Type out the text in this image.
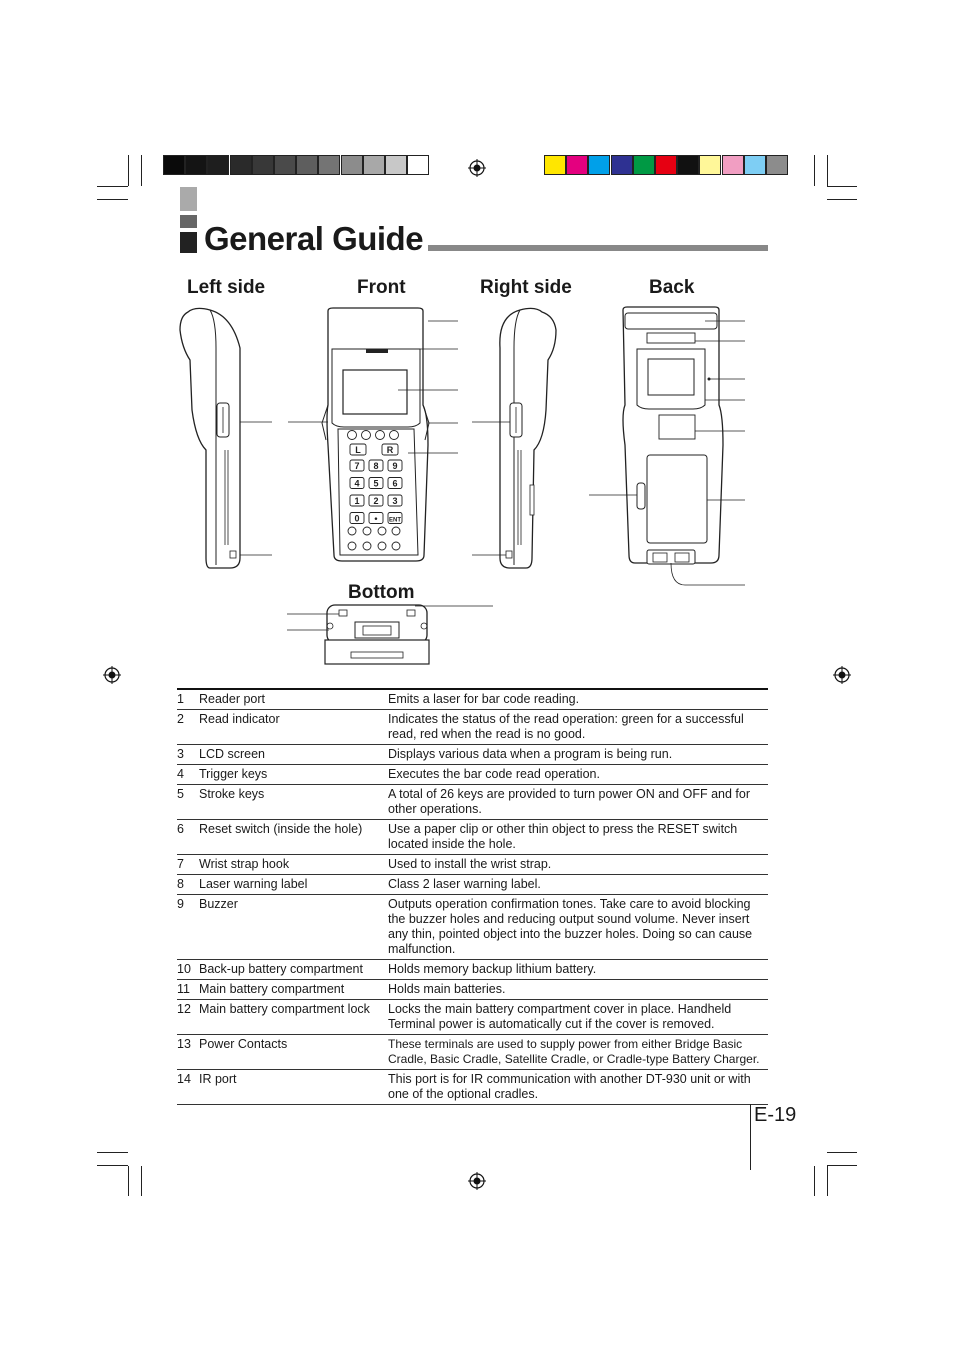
General Guide
Left side	Front	Right side	Back
Bottom
L	R
7 8 9
4 5 6
1 2 3
0 • ENT
1	Reader port	Emits a laser for bar code reading.
2	Read indicator	Indicates the status of the read operation: green for a successful read, red when the read is no good.
3	LCD screen	Displays various data when a program is being run.
4	Trigger keys	Executes the bar code read operation.
5	Stroke keys	A total of 26 keys are provided to turn power ON and OFF and for other operations.
6	Reset switch (inside the hole)	Use a paper clip or other thin object to press the RESET switch located inside the hole.
7	Wrist strap hook	Used to install the wrist strap.
8	Laser warning label	Class 2 laser warning label.
9	Buzzer	Outputs operation confirmation tones. Take care to avoid blocking the buzzer holes and reducing output sound volume. Never insert any thin, pointed object into the buzzer holes. Doing so can cause malfunction.
10	Back-up battery compartment	Holds memory backup lithium battery.
11	Main battery compartment	Holds main batteries.
12	Main battery compartment lock	Locks the main battery compartment cover in place. Handheld Terminal power is automatically cut if the cover is removed.
13	Power Contacts	These terminals are used to supply power from either Bridge Basic Cradle, Basic Cradle, Satellite Cradle, or Cradle-type Battery Charger.
14	IR port	This port is for IR communication with another DT-930 unit or with one of the optional cradles.
E-19
